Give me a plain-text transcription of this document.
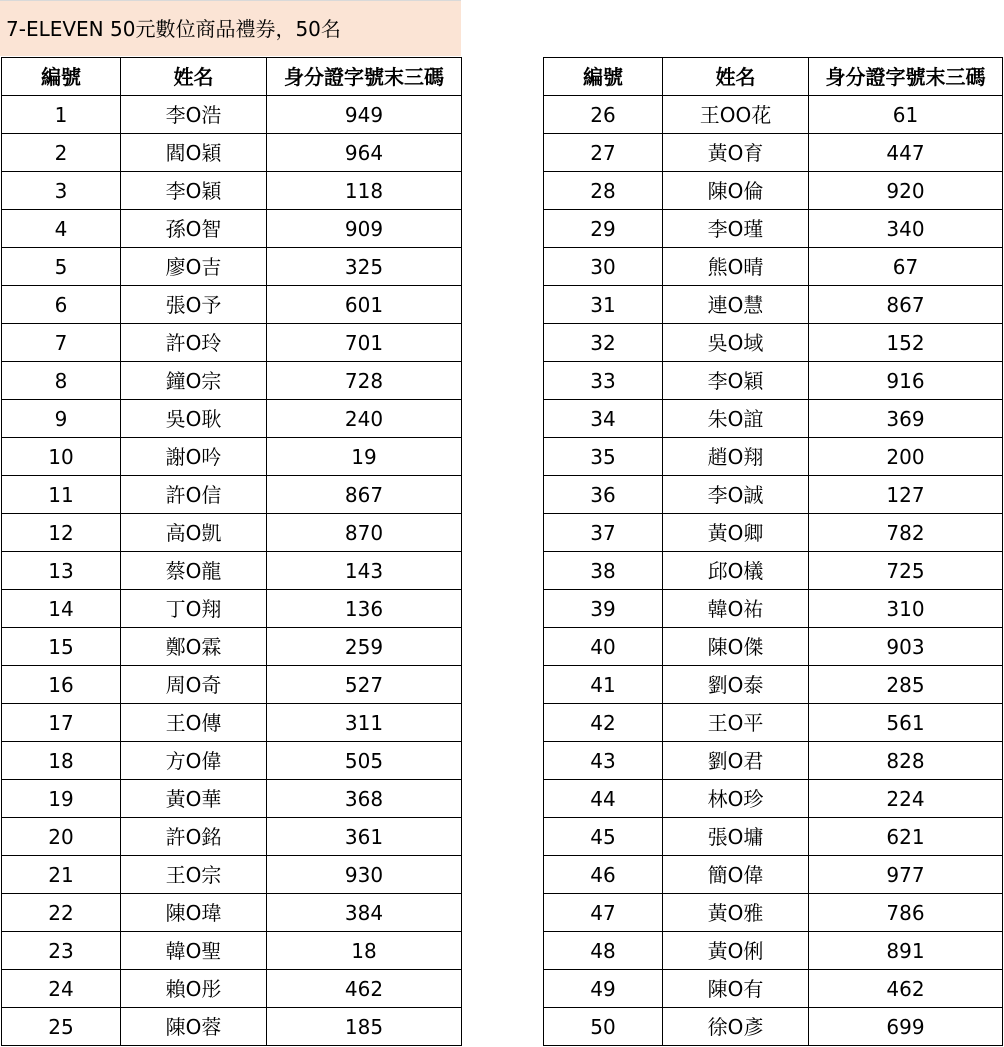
7-ELEVEN 50元數位商品禮券，50名
編號	姓名	身分證字號末三碼
1	李O浩	949
2	閻O穎	964
3	李O穎	118
4	孫O智	909
5	廖O吉	325
6	張O予	601
7	許O玲	701
8	鐘O宗	728
9	吳O耿	240
10	謝O吟	19
11	許O信	867
12	高O凱	870
13	蔡O龍	143
14	丁O翔	136
15	鄭O霖	259
16	周O奇	527
17	王O傳	311
18	方O偉	505
19	黃O華	368
20	許O銘	361
21	王O宗	930
22	陳O瑋	384
23	韓O聖	18
24	賴O彤	462
25	陳O蓉	185
編號	姓名	身分證字號末三碼
26	王OO花	61
27	黃O育	447
28	陳O倫	920
29	李O瑾	340
30	熊O晴	67
31	連O慧	867
32	吳O域	152
33	李O穎	916
34	朱O誼	369
35	趙O翔	200
36	李O誠	127
37	黃O卿	782
38	邱O檥	725
39	韓O祐	310
40	陳O傑	903
41	劉O泰	285
42	王O平	561
43	劉O君	828
44	林O珍	224
45	張O墉	621
46	簡O偉	977
47	黃O雅	786
48	黃O俐	891
49	陳O有	462
50	徐O彥	699
